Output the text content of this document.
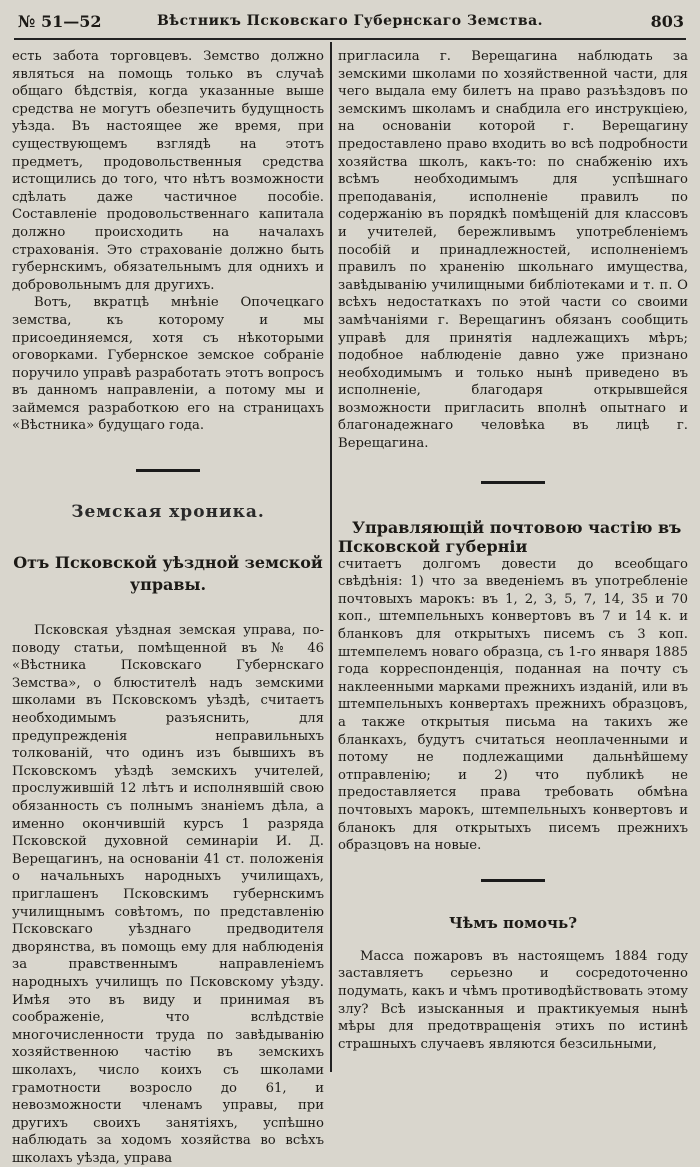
№ 51—52	Вѣстникъ Псковскаго Губернскаго Земства.	803

есть забота торговцевъ. Земство должно являться на помощь только въ случаѣ общаго бѣдствія, когда указанные выше средства не могутъ обезпечить будущность уѣзда. Въ настоящее же время, при существующемъ взглядѣ на этотъ предметъ, продовольственныя средства истощились до того, что нѣтъ возможности сдѣлать даже частичное пособіе. Составленіе продовольственнаго капитала должно происходить на началахъ страхованія. Это страхованіе должно быть губернскимъ, обязательнымъ для однихъ и добровольнымъ для другихъ.

Вотъ, вкратцѣ мнѣніе Опочецкаго земства, къ которому и мы присоединяемся, хотя съ нѣкоторыми оговорками. Губернское земское собраніе поручило управѣ разработать этотъ вопросъ въ данномъ направленіи, а потому мы и займемся разработкою его на страницахъ «Вѣстника» будущаго года.

Земская хроника.
Отъ Псковской уѣздной земской управы.

Псковская уѣздная земская управа, по-поводу статьи, помѣщенной въ № 46 «Вѣстника Псковскаго Губернскаго Земства», о блюстителѣ надъ земскими школами въ Псковскомъ уѣздѣ, считаетъ необходимымъ разъяснить, для предупрежденія неправильныхъ толкованій, что одинъ изъ бывшихъ въ Псковскомъ уѣздѣ земскихъ учителей, прослужившій 12 лѣтъ и исполнявшій свою обязанность съ полнымъ знаніемъ дѣла, а именно окончившій курсъ 1 разряда Псковской духовной семинаріи И. Д. Верещагинъ, на основаніи 41 ст. положенія о начальныхъ народныхъ училищахъ, приглашенъ Псковскимъ губернскимъ училищнымъ совѣтомъ, по представленію Псковскаго уѣзднаго предводителя дворянства, въ помощь ему для наблюденія за правственнымъ направленіемъ народныхъ училищъ по Псковскому уѣзду. Имѣя это въ виду и принимая въ соображеніе, что вслѣдствіе многочисленности труда по завѣдыванію хозяйственною частію въ земскихъ школахъ, число коихъ съ школами грамотности возросло до 61, и невозможности членамъ управы, при другихъ своихъ занятіяхъ, успѣшно наблюдать за ходомъ хозяйства во всѣхъ школахъ уѣзда, управа

пригласила г. Верещагина наблюдать за земскими школами по хозяйственной части, для чего выдала ему билетъ на право разъѣздовъ по земскимъ школамъ и снабдила его инструкціею, на основаніи которой г. Верещагину предоставлено право входить во всѣ подробности хозяйства школъ, какъ-то: по снабженію ихъ всѣмъ необходимымъ для успѣшнаго преподаванія, исполненіе правилъ по содержанію въ порядкѣ помѣщеній для классовъ и учителей, бережливымъ употребленіемъ пособій и принадлежностей, исполненіемъ правилъ по храненію школьнаго имущества, завѣдыванію училищными библіотеками и т. п. О всѣхъ недостаткахъ по этой части со своими замѣчаніями г. Верещагинъ обязанъ сообщить управѣ для принятія надлежащихъ мѣръ; подобное наблюденіе давно уже признано необходимымъ и только нынѣ приведено въ исполненіе, благодаря открывшейся возможности пригласить вполнѣ опытнаго и благонадежнаго человѣка въ лицѣ г. Верещагина.

Управляющій почтовою частію въ Псковской губерніи

считаетъ долгомъ довести до всеобщаго свѣдѣнія: 1) что за введеніемъ въ употребленіе почтовыхъ марокъ: въ 1, 2, 3, 5, 7, 14, 35 и 70 коп., штемпельныхъ конвертовъ въ 7 и 14 к. и бланковъ для открытыхъ писемъ съ 3 коп. штемпелемъ новаго образца, съ 1-го января 1885 года корреспонденція, поданная на почту съ наклеенными марками прежнихъ изданій, или въ штемпельныхъ конвертахъ прежнихъ образцовъ, а также открытыя письма на такихъ же бланкахъ, будутъ считаться неоплаченными и потому не подлежащими дальнѣйшему отправленію; и 2) что публикѣ не предоставляется права требовать обмѣна почтовыхъ марокъ, штемпельныхъ конвертовъ и бланокъ для открытыхъ писемъ прежнихъ образцовъ на новые.

Чѣмъ помочь?

Масса пожаровъ въ настоящемъ 1884 году заставляетъ серьезно и сосредоточенно подумать, какъ и чѣмъ противодѣйствовать этому злу? Всѣ изысканныя и практикуемыя нынѣ мѣры для предотвращенія этихъ по истинѣ страшныхъ случаевъ являются безсильными,
